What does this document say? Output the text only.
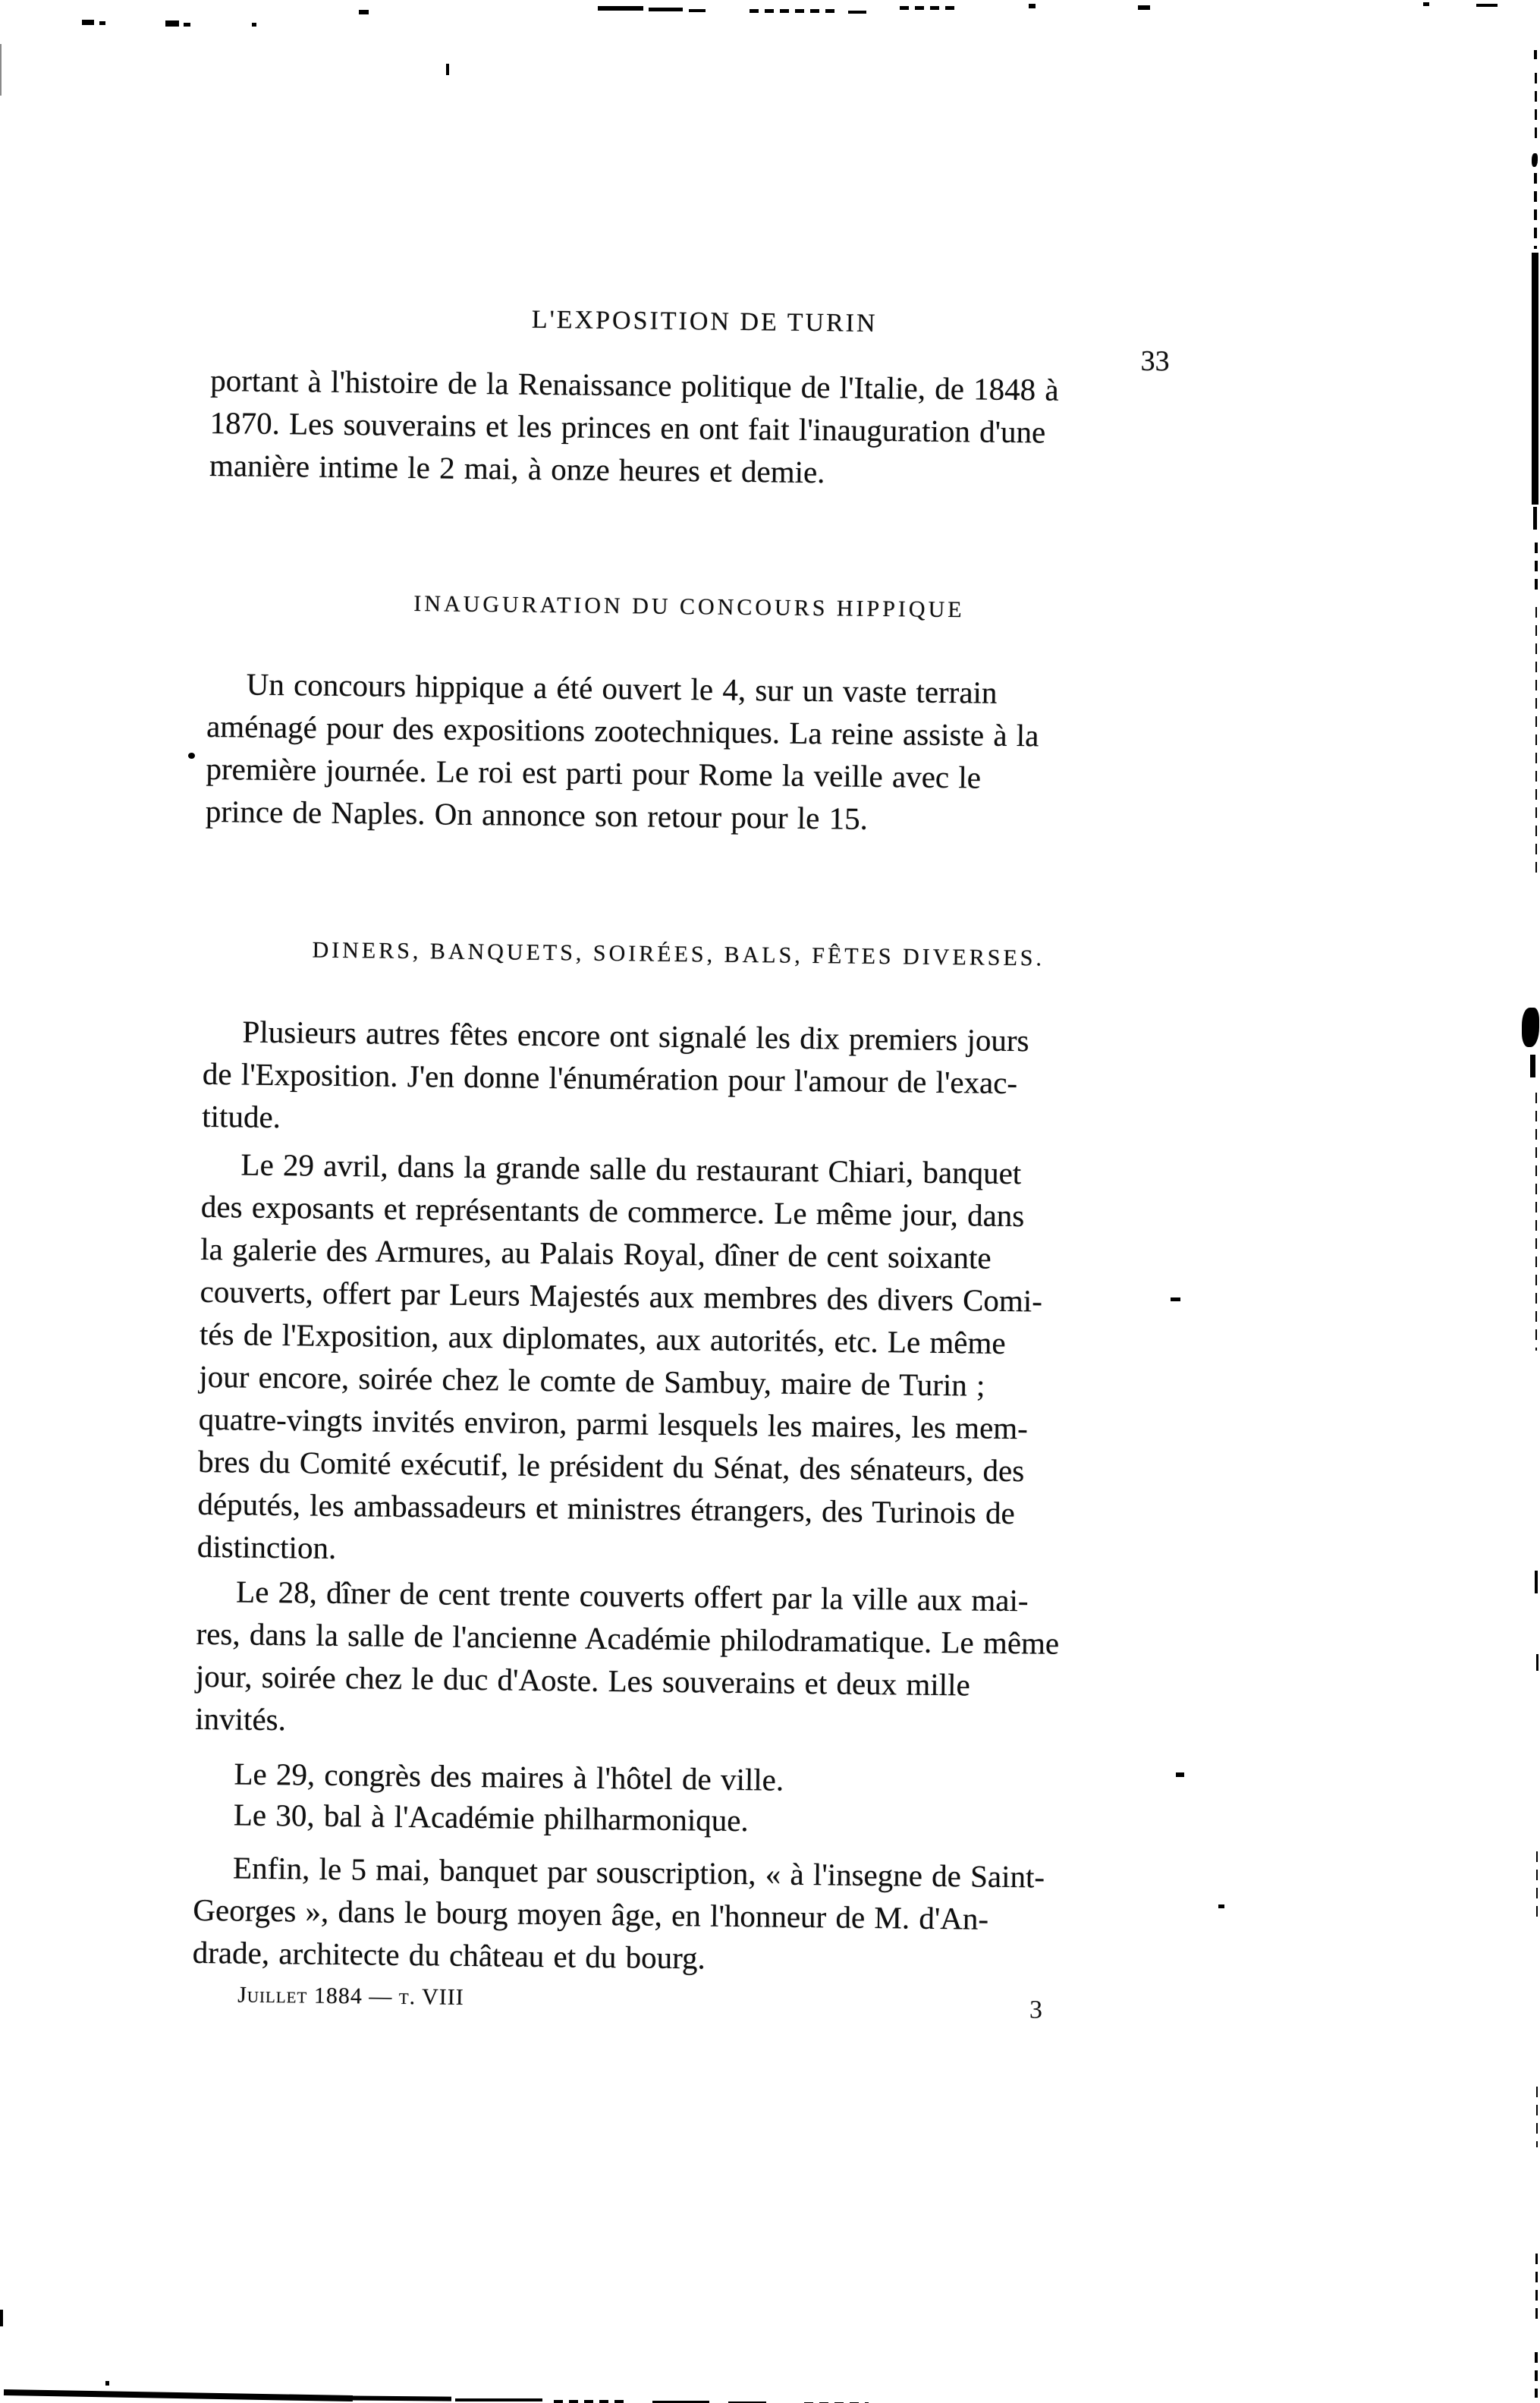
L'EXPOSITION DE TURIN
33
portant à l'histoire de la Renaissance politique de l'Italie, de 1848 à
1870. Les souverains et les princes en ont fait l'inauguration d'une
manière intime le 2 mai, à onze heures et demie.
INAUGURATION DU CONCOURS HIPPIQUE
Un concours hippique a été ouvert le 4, sur un vaste terrain
aménagé pour des expositions zootechniques. La reine assiste à la
première journée. Le roi est parti pour Rome la veille avec le
prince de Naples. On annonce son retour pour le 15.
DINERS, BANQUETS, SOIRÉES, BALS, FÊTES DIVERSES.
Plusieurs autres fêtes encore ont signalé les dix premiers jours
de l'Exposition. J'en donne l'énumération pour l'amour de l'exac-
titude.
Le 29 avril, dans la grande salle du restaurant Chiari, banquet
des exposants et représentants de commerce. Le même jour, dans
la galerie des Armures, au Palais Royal, dîner de cent soixante
couverts, offert par Leurs Majestés aux membres des divers Comi-
tés de l'Exposition, aux diplomates, aux autorités, etc. Le même
jour encore, soirée chez le comte de Sambuy, maire de Turin ;
quatre-vingts invités environ, parmi lesquels les maires, les mem-
bres du Comité exécutif, le président du Sénat, des sénateurs, des
députés, les ambassadeurs et ministres étrangers, des Turinois de
distinction.
Le 28, dîner de cent trente couverts offert par la ville aux mai-
res, dans la salle de l'ancienne Académie philodramatique. Le même
jour, soirée chez le duc d'Aoste. Les souverains et deux mille
invités.
Le 29, congrès des maires à l'hôtel de ville.
Le 30, bal à l'Académie philharmonique.
Enfin, le 5 mai, banquet par souscription, « à l'insegne de Saint-
Georges », dans le bourg moyen âge, en l'honneur de M. d'An-
drade, architecte du château et du bourg.
Juillet 1884 — t. VIII	3
